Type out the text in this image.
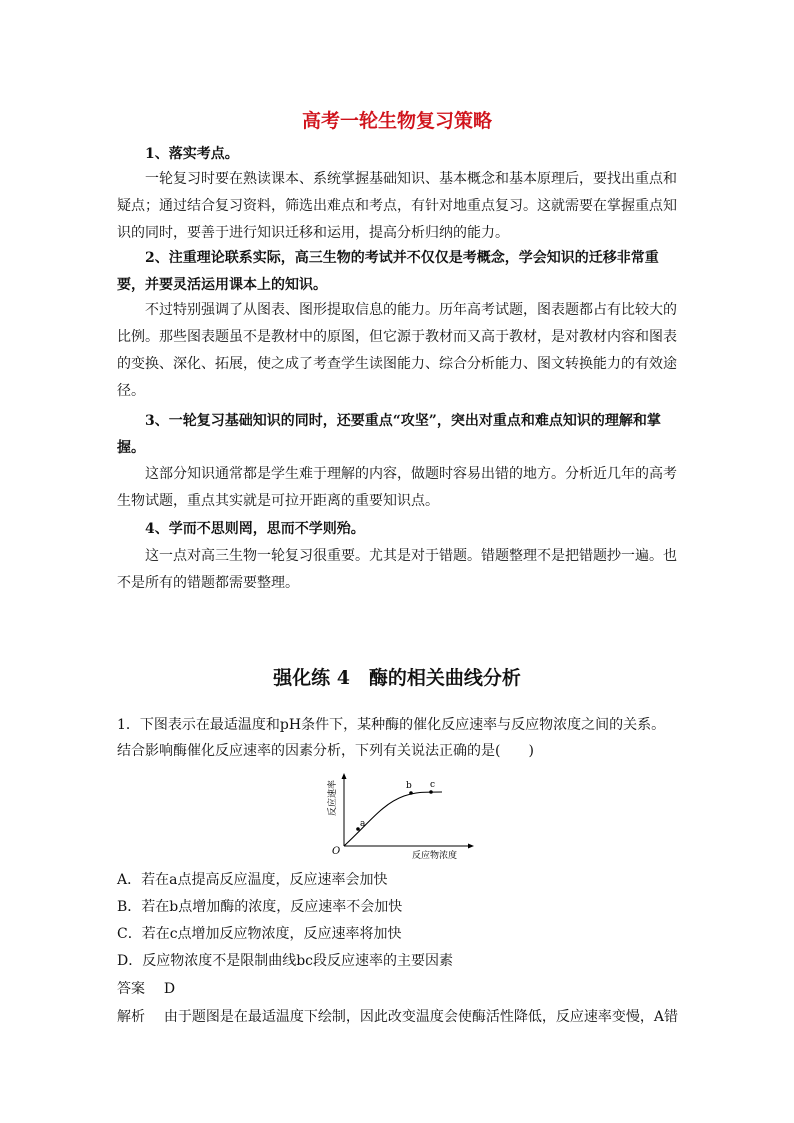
高考一轮生物复习策略

1、落实考点。

一轮复习时要在熟读课本、系统掌握基础知识、基本概念和基本原理后，要找出重点和疑点；通过结合复习资料，筛选出难点和考点，有针对地重点复习。这就需要在掌握重点知识的同时，要善于进行知识迁移和运用，提高分析归纳的能力。

2、注重理论联系实际，高三生物的考试并不仅仅是考概念，学会知识的迁移非常重要，并要灵活运用课本上的知识。

不过特别强调了从图表、图形提取信息的能力。历年高考试题，图表题都占有比较大的比例。那些图表题虽不是教材中的原图，但它源于教材而又高于教材，是对教材内容和图表的变换、深化、拓展，使之成了考查学生读图能力、综合分析能力、图文转换能力的有效途径。

3、一轮复习基础知识的同时，还要重点“攻坚”，突出对重点和难点知识的理解和掌握。

这部分知识通常都是学生难于理解的内容，做题时容易出错的地方。分析近几年的高考生物试题，重点其实就是可拉开距离的重要知识点。

4、学而不思则罔，思而不学则殆。

这一点对高三生物一轮复习很重要。尤其是对于错题。错题整理不是把错题抄一遍。也不是所有的错题都需要整理。

强化练 4　酶的相关曲线分析

1．下图表示在最适温度和pH条件下，某种酶的催化反应速率与反应物浓度之间的关系。结合影响酶催化反应速率的因素分析，下列有关说法正确的是(　　)

a
b c
O	反应物浓度
反应速率
A．若在a点提高反应温度，反应速率会加快
B．若在b点增加酶的浓度，反应速率不会加快
C．若在c点增加反应物浓度，反应速率将加快
D．反应物浓度不是限制曲线bc段反应速率的主要因素
答案 D
解析 由于题图是在最适温度下绘制，因此改变温度会使酶活性降低，反应速率变慢，A错
